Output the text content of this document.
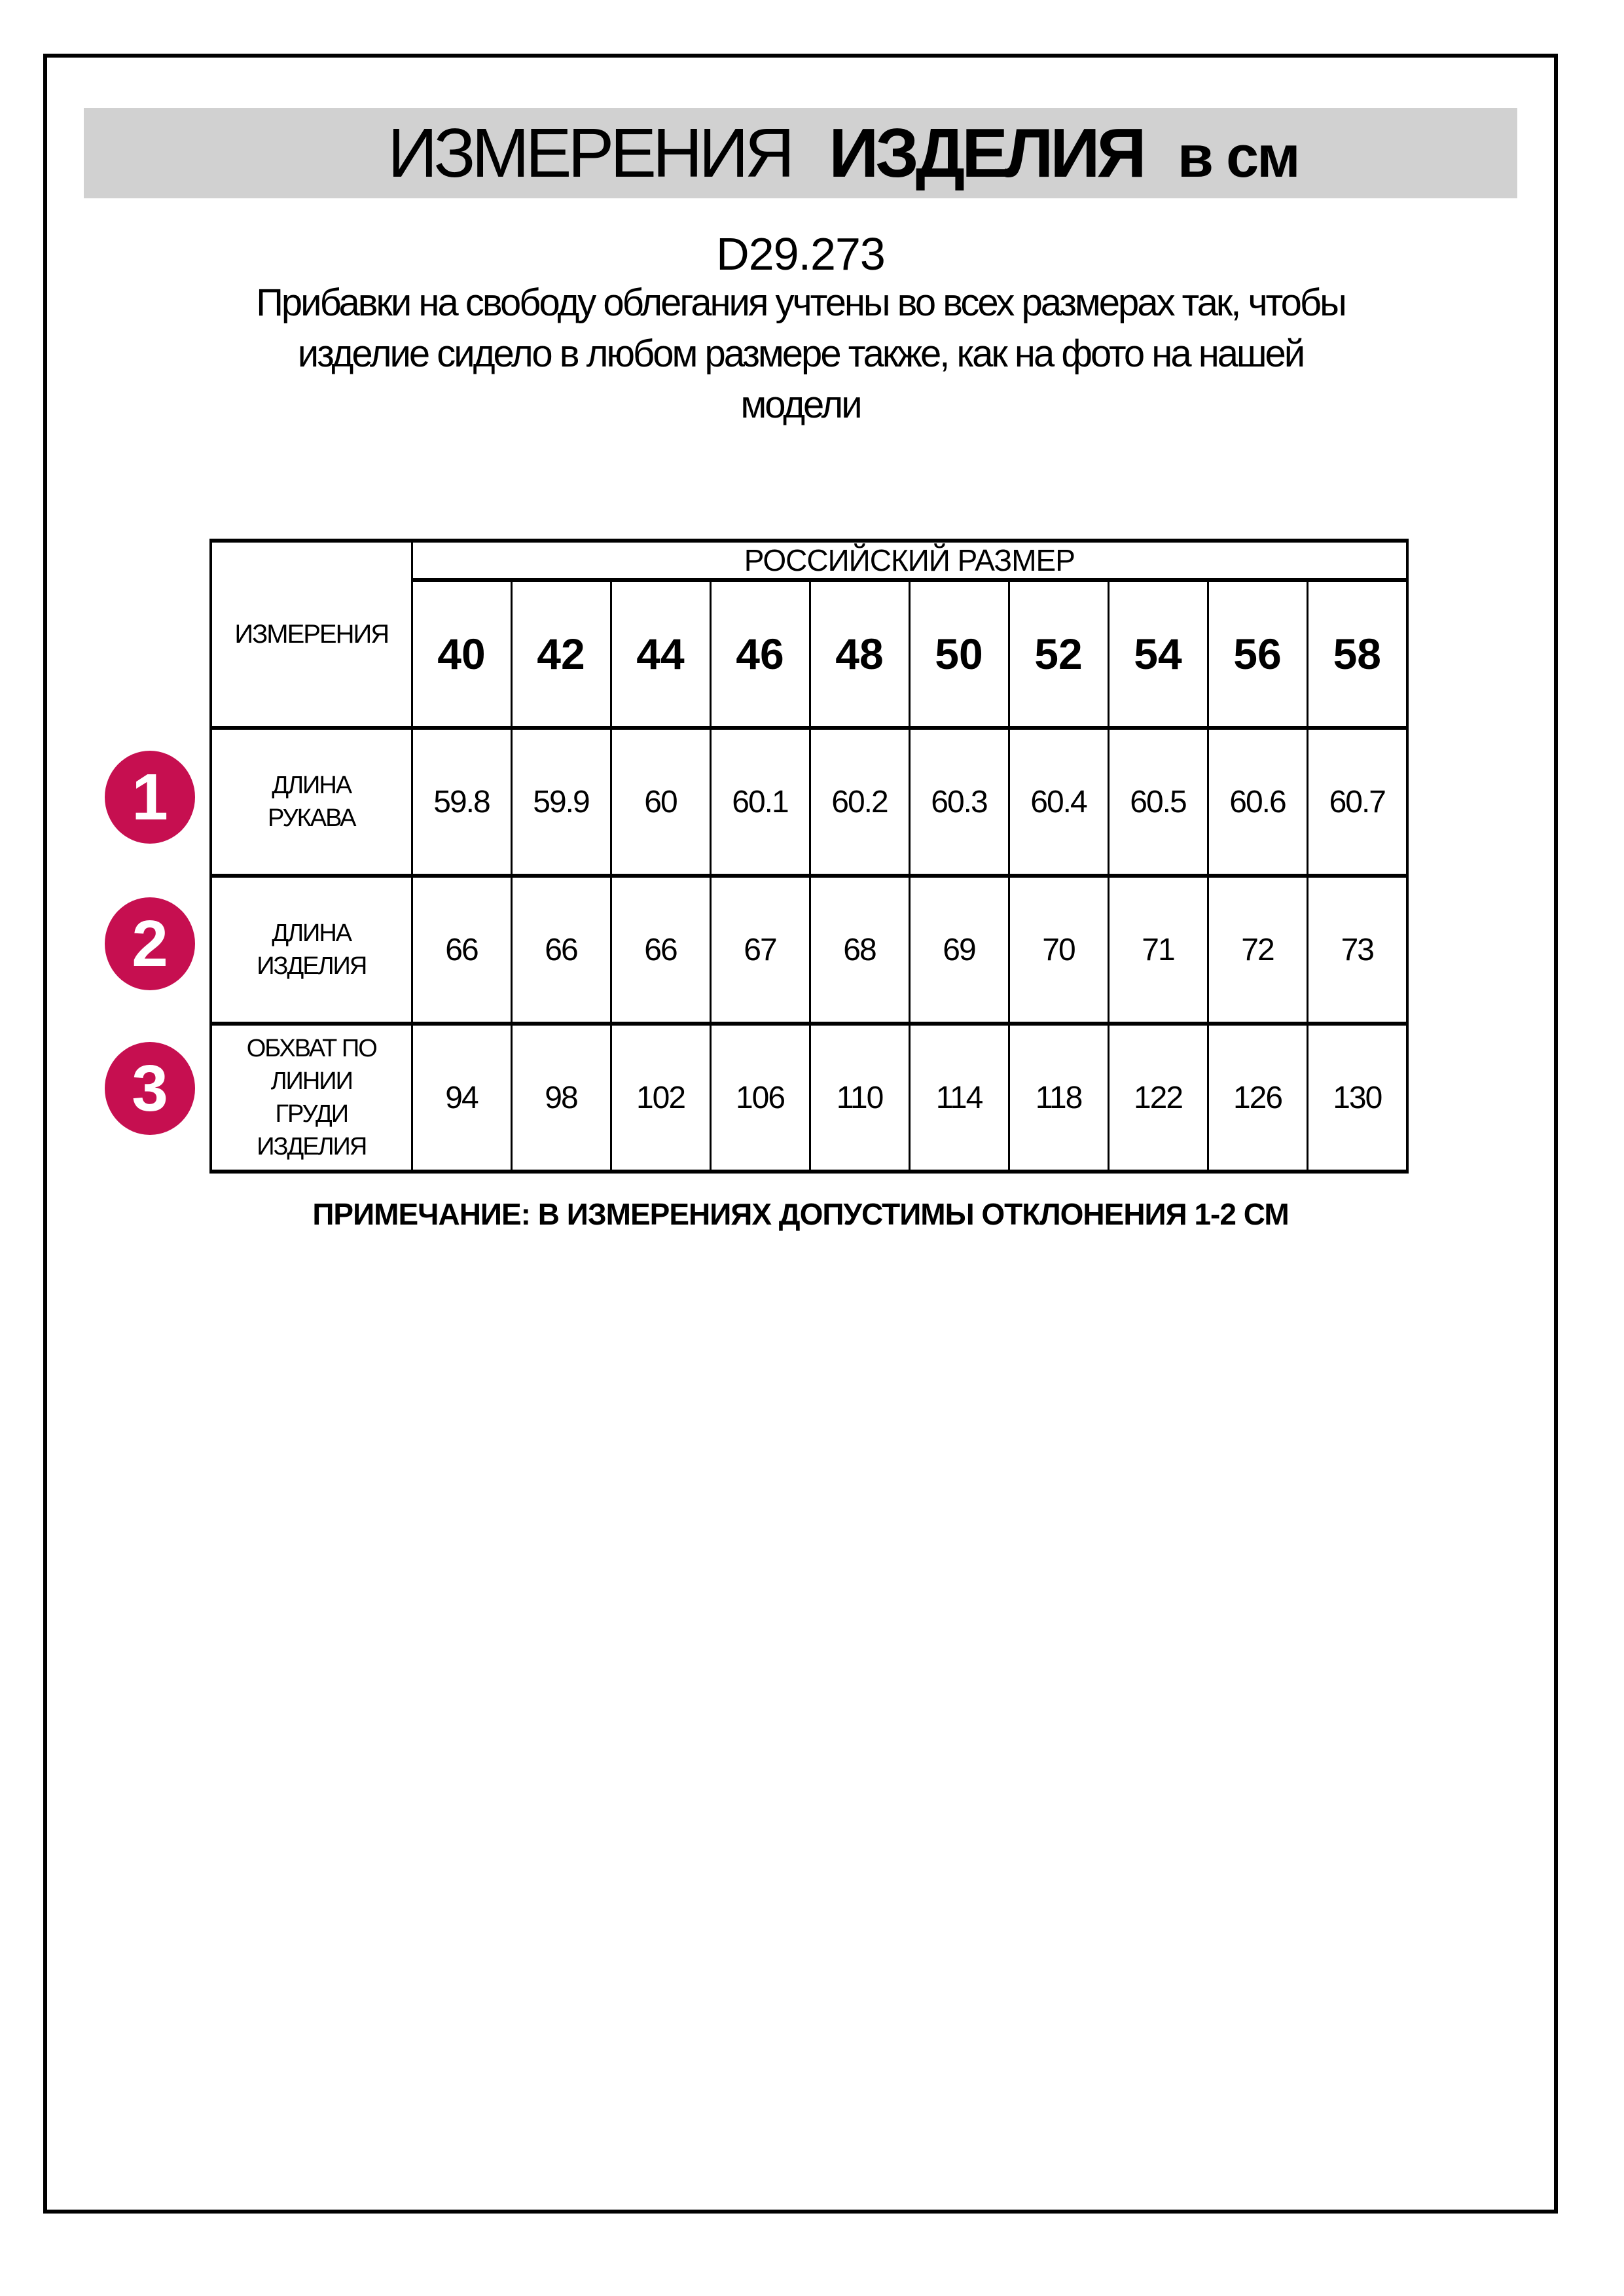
ИЗМЕРЕНИЯ ИЗДЕЛИЯ в см
D29.273
Прибавки на свободу облегания учтены во всех размерах так, чтобы
изделие сидело в любом размере также, как на фото на нашей
модели
ИЗМЕРЕНИЯ	РОССИЙСКИЙ РАЗМЕР									
	40	42	44	46	48	50	52	54	56	58
ДЛИНА РУКАВА	59.8	59.9	60	60.1	60.2	60.3	60.4	60.5	60.6	60.7
ДЛИНА ИЗДЕЛИЯ	66	66	66	67	68	69	70	71	72	73
ОБХВАТ ПО ЛИНИИ ГРУДИ ИЗДЕЛИЯ	94	98	102	106	110	114	118	122	126	130
1
2
3
ПРИМЕЧАНИЕ: В ИЗМЕРЕНИЯХ ДОПУСТИМЫ ОТКЛОНЕНИЯ 1-2 СМ
